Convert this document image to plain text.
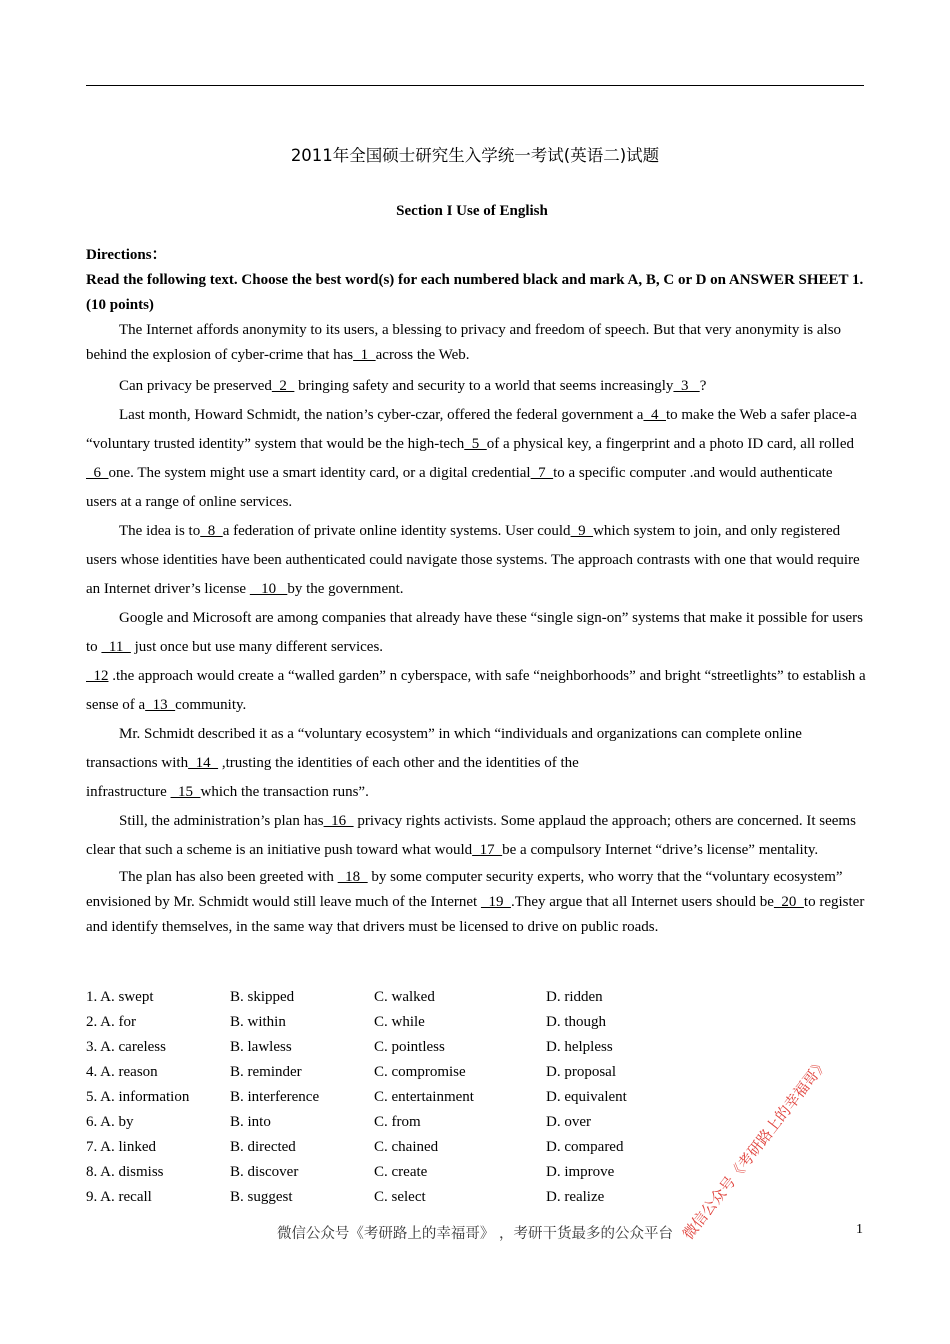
2011年全国硕士研究生入学统一考试(英语二)试题
Section I Use of English
Directions：
Read the following text. Choose the best word(s) for each numbered black and mark A, B, C or D on ANSWER SHEET 1. (10 points)

The Internet affords anonymity to its users, a blessing to privacy and freedom of speech. But that very anonymity is also behind the explosion of cyber-crime that has  1  across the Web.

Can privacy be preserved  2   bringing safety and security to a world that seems increasingly  3   ?

Last month, Howard Schmidt, the nation’s cyber-czar, offered the federal government a  4  to make the Web a safer place-a “voluntary trusted identity” system that would be the high-tech  5  of a physical key, a fingerprint and a photo ID card, all rolled  6  one. The system might use a smart identity card, or a digital credential  7  to a specific computer .and would authenticate users at a range of online services.

The idea is to  8  a federation of private online identity systems. User could  9  which system to join, and only registered users whose identities have been authenticated could navigate those systems. The approach contrasts with one that would require an Internet driver’s license    10   by the government.

Google and Microsoft are among companies that already have these “single sign-on” systems that make it possible for users to   11   just once but use many different services.

12 .the approach would create a “walled garden” n cyberspace, with safe “neighborhoods” and bright “streetlights” to establish a sense of a  13  community.

Mr. Schmidt described it as a “voluntary ecosystem” in which “individuals and organizations can complete online transactions with  14   ,trusting the identities of each other and the identities of the

infrastructure   15  which the transaction runs”.

Still, the administration’s plan has  16   privacy rights activists. Some applaud the approach; others are concerned. It seems clear that such a scheme is an initiative push toward what would  17  be a compulsory Internet “drive’s license” mentality.

The plan has also been greeted with   18   by some computer security experts, who worry that the “voluntary ecosystem” envisioned by Mr. Schmidt would still leave much of the Internet   19  .They argue that all Internet users should be  20  to register and identify themselves, in the same way that drivers must be licensed to drive on public roads.

1. A. swept	B. skipped	C. walked	D. ridden
2. A. for	B. within	C. while	D. though
3. A. careless	B. lawless	C. pointless	D. helpless
4. A. reason	B. reminder	C. compromise	D. proposal
5. A. information	B. interference	C. entertainment	D. equivalent
6. A. by	B. into	C. from	D. over
7. A. linked	B. directed	C. chained	D. compared
8. A. dismiss	B. discover	C. create	D. improve
9. A. recall	B. suggest	C. select	D. realize	微信公众号《考研路上的幸福哥》
微信公众号《考研路上的幸福哥》 ，考研干货最多的公众平台	1
